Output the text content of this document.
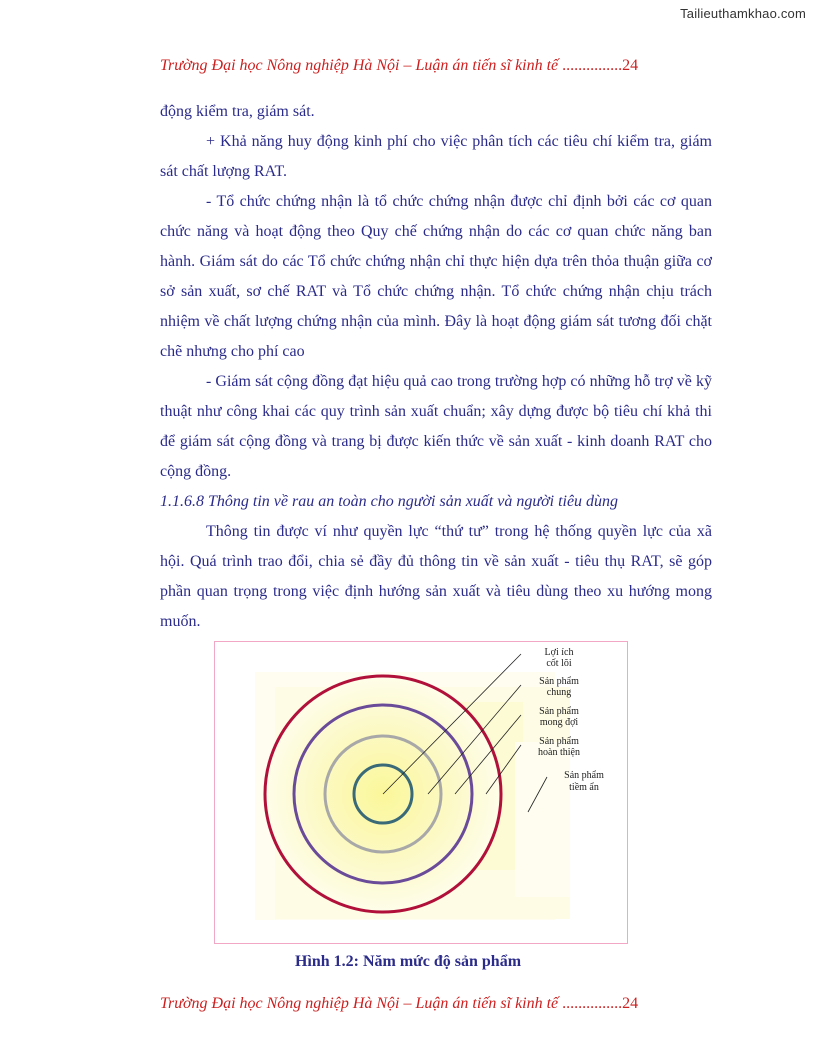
Tailieuthamkhao.com
Trường Đại học Nông nghiệp Hà Nội – Luận án tiến sĩ kinh tế ...............24

động kiểm tra, giám sát.

+ Khả năng huy động kinh phí cho việc phân tích các tiêu chí kiểm tra, giám sát chất lượng RAT.

- Tổ chức chứng nhận là tổ chức chứng nhận được chỉ định bởi các cơ quan chức năng và hoạt động theo Quy chế chứng nhận do các cơ quan chức năng ban hành. Giám sát do các Tổ chức chứng nhận chỉ thực hiện dựa trên thỏa thuận giữa cơ sở sản xuất, sơ chế RAT và Tổ chức chứng nhận. Tổ chức chứng nhận chịu trách nhiệm về chất lượng chứng nhận của mình. Đây là hoạt động giám sát tương đối chặt chẽ nhưng cho phí cao

- Giám sát cộng đồng đạt hiệu quả cao trong trường hợp có những hỗ trợ về kỹ thuật như công khai các quy trình sản xuất chuẩn; xây dựng được bộ tiêu chí khả thi để giám sát cộng đồng và trang bị được kiến thức về sản xuất - kinh doanh RAT cho cộng đồng.

1.1.6.8 Thông tin về rau an toàn cho người sản xuất và người tiêu dùng

Thông tin được ví như quyền lực “thứ tư” trong hệ thống quyền lực của xã hội. Quá trình trao đổi, chia sẻ đầy đủ thông tin về sản xuất - tiêu thụ RAT, sẽ góp phần quan trọng trong việc định hướng sản xuất và tiêu dùng theo xu hướng mong muốn.

Lợi ích cốt lõi
Sản phẩm chung
Sản phẩm mong đợi
Sản phẩm hoàn thiện
Sản phẩm tiềm ẩn
Hình 1.2: Năm mức độ sản phẩm
Trường Đại học Nông nghiệp Hà Nội – Luận án tiến sĩ kinh tế ...............24
